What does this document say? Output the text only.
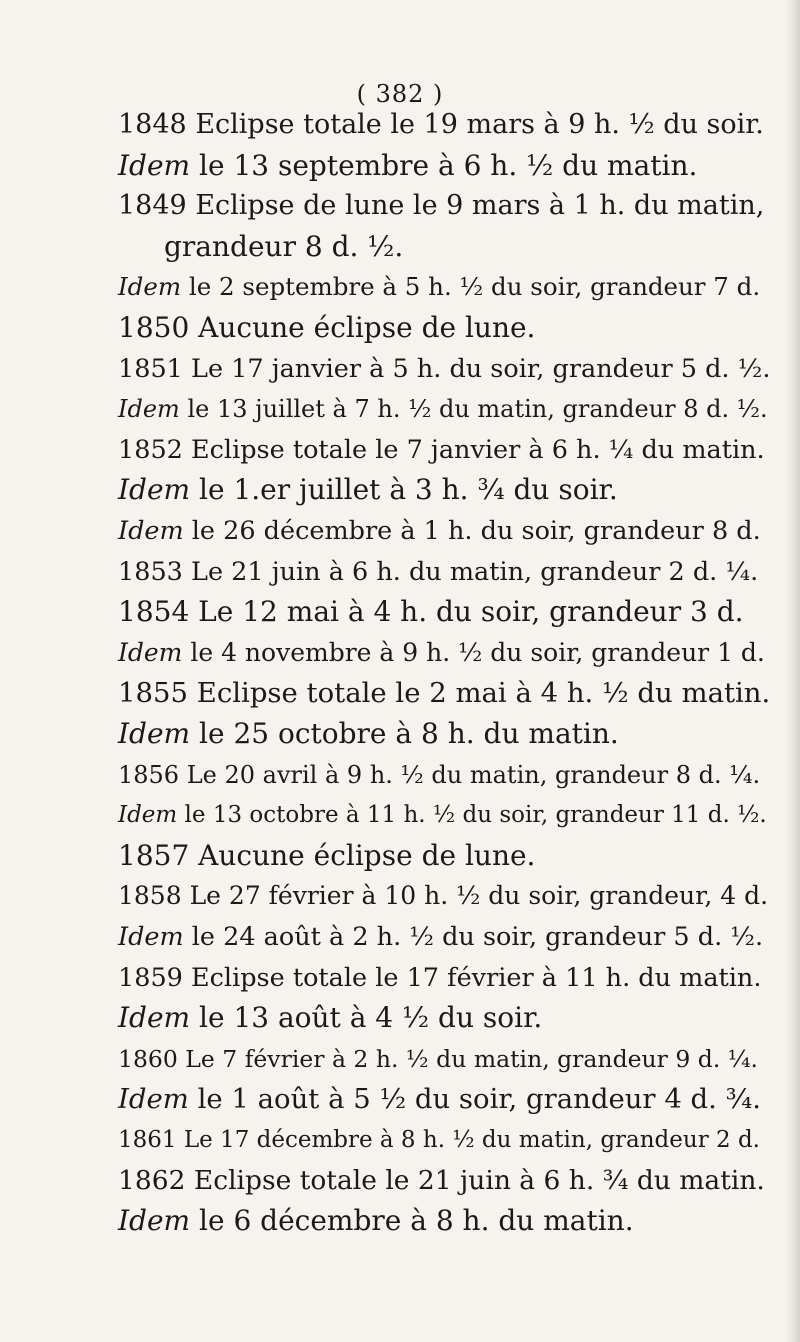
( 382 )
1848 Eclipse totale le 19 mars à 9 h. ½ du soir.
Idem le 13 septembre à 6 h. ½ du matin.
1849 Eclipse de lune le 9 mars à 1 h. du matin,
grandeur 8 d. ½.
Idem le 2 septembre à 5 h. ½ du soir, grandeur 7 d.
1850 Aucune éclipse de lune.
1851 Le 17 janvier à 5 h. du soir, grandeur 5 d. ½.
Idem le 13 juillet à 7 h. ½ du matin, grandeur 8 d. ½.
1852 Eclipse totale le 7 janvier à 6 h. ¼ du matin.
Idem le 1.er juillet à 3 h. ¾ du soir.
Idem le 26 décembre à 1 h. du soir, grandeur 8 d.
1853 Le 21 juin à 6 h. du matin, grandeur 2 d. ¼.
1854 Le 12 mai à 4 h. du soir, grandeur 3 d.
Idem le 4 novembre à 9 h. ½ du soir, grandeur 1 d.
1855 Eclipse totale le 2 mai à 4 h. ½ du matin.
Idem le 25 octobre à 8 h. du matin.
1856 Le 20 avril à 9 h. ½ du matin, grandeur 8 d. ¼.
Idem le 13 octobre à 11 h. ½ du soir, grandeur 11 d. ½.
1857 Aucune éclipse de lune.
1858 Le 27 février à 10 h. ½ du soir, grandeur, 4 d.
Idem le 24 août à 2 h. ½ du soir, grandeur 5 d. ½.
1859 Eclipse totale le 17 février à 11 h. du matin.
Idem le 13 août à 4 ½ du soir.
1860 Le 7 février à 2 h. ½ du matin, grandeur 9 d. ¼.
Idem le 1 août à 5 ½ du soir, grandeur 4 d. ¾.
1861 Le 17 décembre à 8 h. ½ du matin, grandeur 2 d.
1862 Eclipse totale le 21 juin à 6 h. ¾ du matin.
Idem le 6 décembre à 8 h. du matin.
